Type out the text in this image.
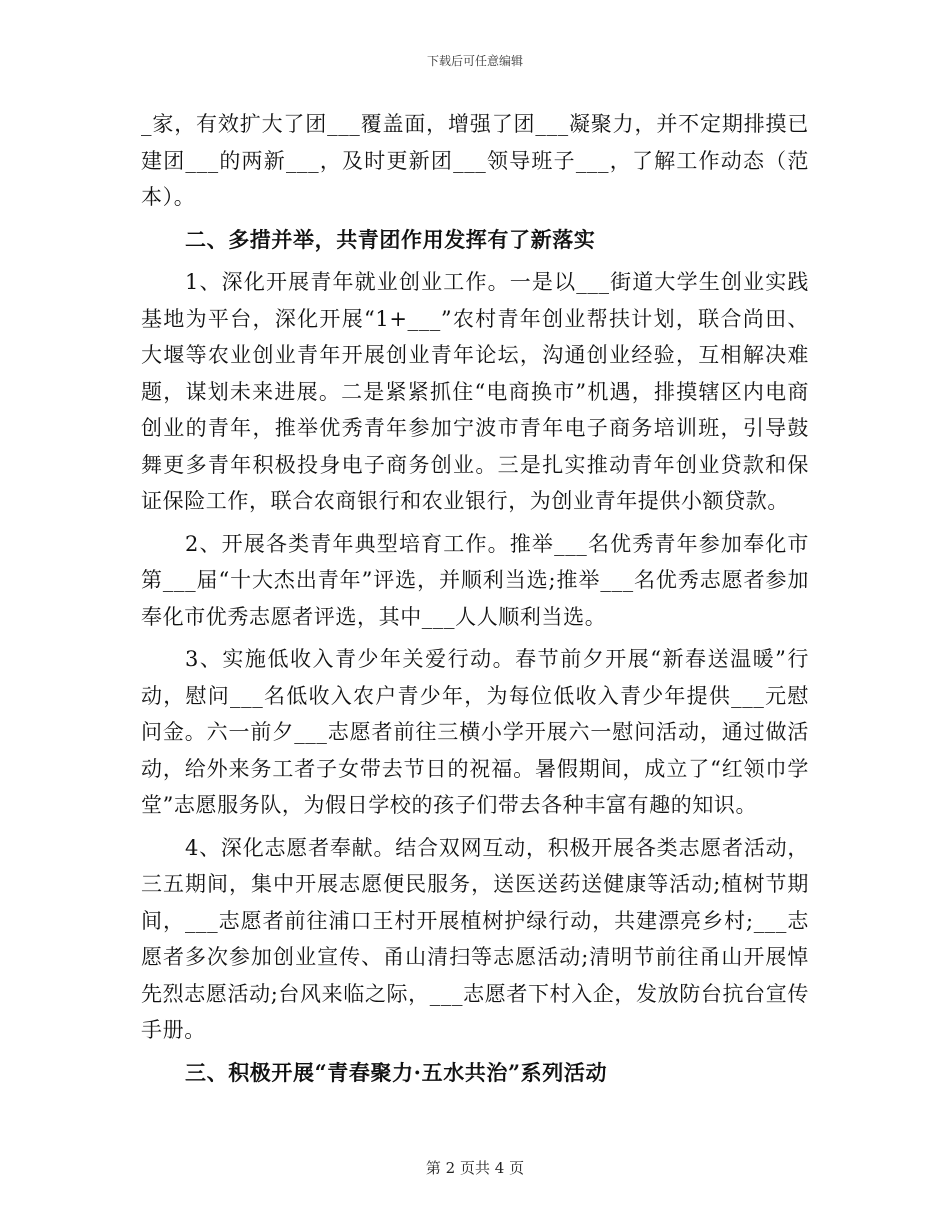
下载后可任意编辑

_家，有效扩大了团___覆盖面，增强了团___凝聚力，并不定期排摸已建团___的两新___，及时更新团___领导班子___，了解工作动态（范本）。

二、多措并举，共青团作用发挥有了新落实

1、深化开展青年就业创业工作。一是以___街道大学生创业实践基地为平台，深化开展“1+___”农村青年创业帮扶计划，联合尚田、大堰等农业创业青年开展创业青年论坛，沟通创业经验，互相解决难题，谋划未来进展。二是紧紧抓住“电商换市”机遇，排摸辖区内电商创业的青年，推举优秀青年参加宁波市青年电子商务培训班，引导鼓舞更多青年积极投身电子商务创业。三是扎实推动青年创业贷款和保证保险工作，联合农商银行和农业银行，为创业青年提供小额贷款。

2、开展各类青年典型培育工作。推举___名优秀青年参加奉化市第___届“十大杰出青年”评选，并顺利当选;推举___名优秀志愿者参加奉化市优秀志愿者评选，其中___人人顺利当选。

3、实施低收入青少年关爱行动。春节前夕开展“新春送温暖”行动，慰问___名低收入农户青少年，为每位低收入青少年提供___元慰问金。六一前夕___志愿者前往三横小学开展六一慰问活动，通过做活动，给外来务工者子女带去节日的祝福。暑假期间，成立了“红领巾学堂”志愿服务队，为假日学校的孩子们带去各种丰富有趣的知识。

4、深化志愿者奉献。结合双网互动，积极开展各类志愿者活动，三五期间，集中开展志愿便民服务，送医送药送健康等活动;植树节期间，___志愿者前往浦口王村开展植树护绿行动，共建漂亮乡村;___志愿者多次参加创业宣传、甬山清扫等志愿活动;清明节前往甬山开展悼先烈志愿活动;台风来临之际，___志愿者下村入企，发放防台抗台宣传手册。

三、积极开展“青春聚力·五水共治”系列活动
第 2 页共 4 页
